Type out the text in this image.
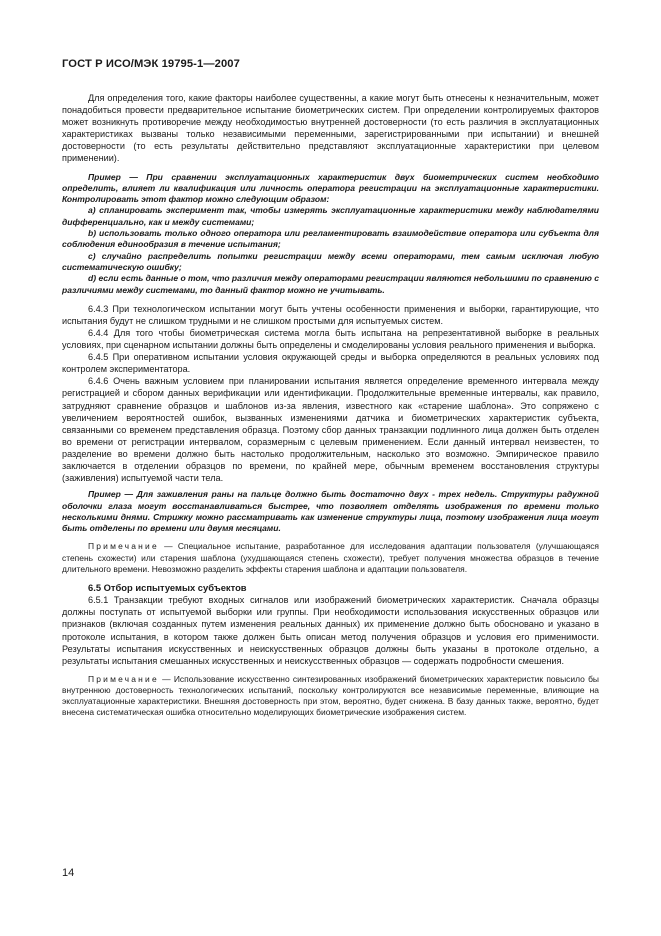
ГОСТ Р ИСО/МЭК 19795-1—2007

Для определения того, какие факторы наиболее существенны, а какие могут быть отнесены к незначительным, может понадобиться провести предварительное испытание биометрических систем. При определении контролируемых факторов может возникнуть противоречие между необходимостью внутренней достоверности (то есть различия в эксплуатационных характеристиках вызваны только независимыми переменными, зарегистрированными при испытании) и внешней достоверности (то есть результаты действительно представляют эксплуатационные характеристики при целевом применении).

Пример — При сравнении эксплуатационных характеристик двух биометрических систем необходимо определить, влияет ли квалификация или личность оператора регистрации на эксплуатационные характеристики. Контролировать этот фактор можно следующим образом:

а) спланировать эксперимент так, чтобы измерять эксплуатационные характеристики между наблюдателями дифференциально, как и между системами;

b) использовать только одного оператора или регламентировать взаимодействие оператора или субъекта для соблюдения единообразия в течение испытания;

c) случайно распределить попытки регистрации между всеми операторами, тем самым исключая любую систематическую ошибку;

d) если есть данные о том, что различия между операторами регистрации являются небольшими по сравнению с различиями между системами, то данный фактор можно не учитывать.

6.4.3 При технологическом испытании могут быть учтены особенности применения и выборки, гарантирующие, что испытания будут не слишком трудными и не слишком простыми для испытуемых систем.

6.4.4 Для того чтобы биометрическая система могла быть испытана на репрезентативной выборке в реальных условиях, при сценарном испытании должны быть определены и смоделированы условия реального применения и выборка.

6.4.5 При оперативном испытании условия окружающей среды и выборка определяются в реальных условиях под контролем экспериментатора.

6.4.6 Очень важным условием при планировании испытания является определение временного интервала между регистрацией и сбором данных верификации или идентификации. Продолжительные временные интервалы, как правило, затрудняют сравнение образцов и шаблонов из-за явления, известного как «старение шаблона». Это сопряжено с увеличением вероятностей ошибок, вызванных изменениями датчика и биометрических характеристик субъекта, связанными со временем представления образца. Поэтому сбор данных транзакции подлинного лица должен быть отделен во времени от регистрации интервалом, соразмерным с целевым применением. Если данный интервал неизвестен, то разделение во времени должно быть настолько продолжительным, насколько это возможно. Эмпирическое правило заключается в отделении образцов по времени, по крайней мере, обычным временем восстановления структуры (заживления) испытуемой части тела.

Пример — Для заживления раны на пальце должно быть достаточно двух - трех недель. Структуры радужной оболочки глаза могут восстанавливаться быстрее, что позволяет отделять изображения по времени только несколькими днями. Стрижку можно рассматривать как изменение структуры лица, поэтому изображения лица могут быть отделены по времени или двумя месяцами.

Примечание — Специальное испытание, разработанное для исследования адаптации пользователя (улучшающаяся степень схожести) или старения шаблона (ухудшающаяся степень схожести), требует получения множества образцов в течение длительного времени. Невозможно разделить эффекты старения шаблона и адаптации пользователя.

6.5 Отбор испытуемых субъектов

6.5.1 Транзакции требуют входных сигналов или изображений биометрических характеристик. Сначала образцы должны поступать от испытуемой выборки или группы. При необходимости использования искусственных образцов или признаков (включая созданных путем изменения реальных данных) их применение должно быть обосновано и указано в протоколе испытания, в котором также должен быть описан метод получения образцов и условия его применимости. Результаты испытания искусственных и неискусственных образцов должны быть указаны в протоколе отдельно, а результаты испытания смешанных искусственных и неискусственных образцов — содержать подробности смешения.

Примечание — Использование искусственно синтезированных изображений биометрических характеристик повысило бы внутреннюю достоверность технологических испытаний, поскольку контролируются все независимые переменные, влияющие на эксплуатационные характеристики. Внешняя достоверность при этом, вероятно, будет снижена. В базу данных также, вероятно, будет внесена систематическая ошибка относительно моделирующих биометрические изображения систем.

14
